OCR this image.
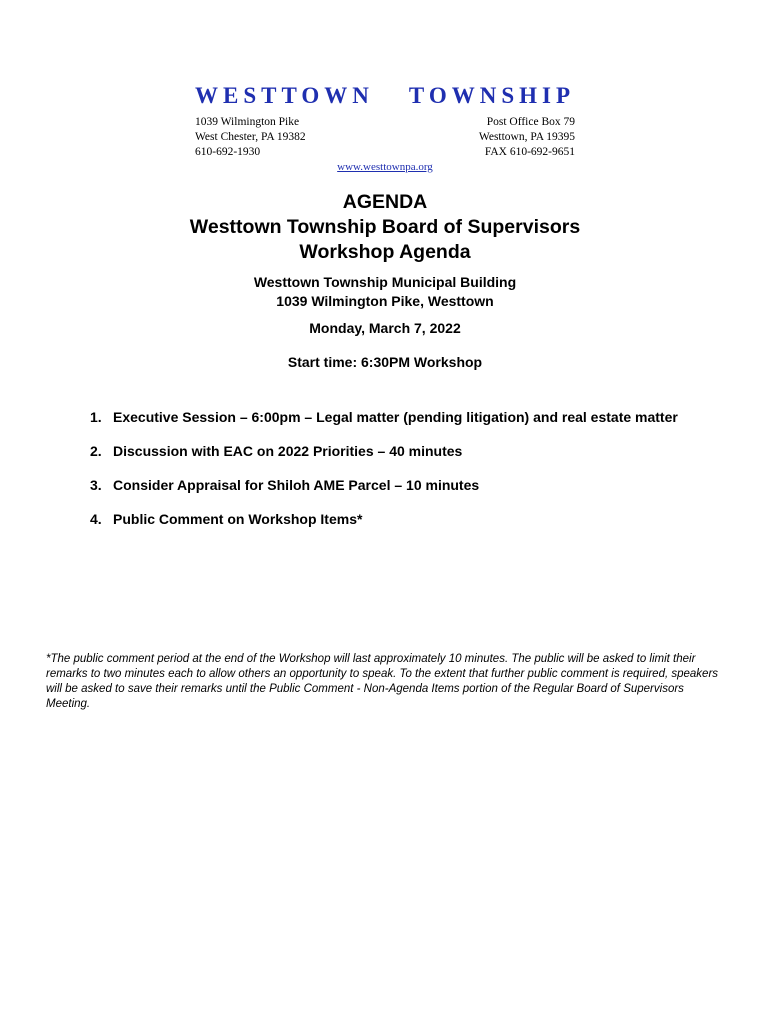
WESTTOWN TOWNSHIP
1039 Wilmington Pike
West Chester, PA 19382
610-692-1930
Post Office Box 79
Westtown, PA 19395
FAX 610-692-9651
www.westtownpa.org
AGENDA
Westtown Township Board of Supervisors
Workshop Agenda
Westtown Township Municipal Building
1039 Wilmington Pike, Westtown
Monday, March 7, 2022
Start time: 6:30PM Workshop
1. Executive Session – 6:00pm – Legal matter (pending litigation) and real estate matter
2. Discussion with EAC on 2022 Priorities – 40 minutes
3. Consider Appraisal for Shiloh AME Parcel – 10 minutes
4. Public Comment on Workshop Items*

*The public comment period at the end of the Workshop will last approximately 10 minutes. The public will be asked to limit their remarks to two minutes each to allow others an opportunity to speak. To the extent that further public comment is required, speakers will be asked to save their remarks until the Public Comment - Non-Agenda Items portion of the Regular Board of Supervisors Meeting.
